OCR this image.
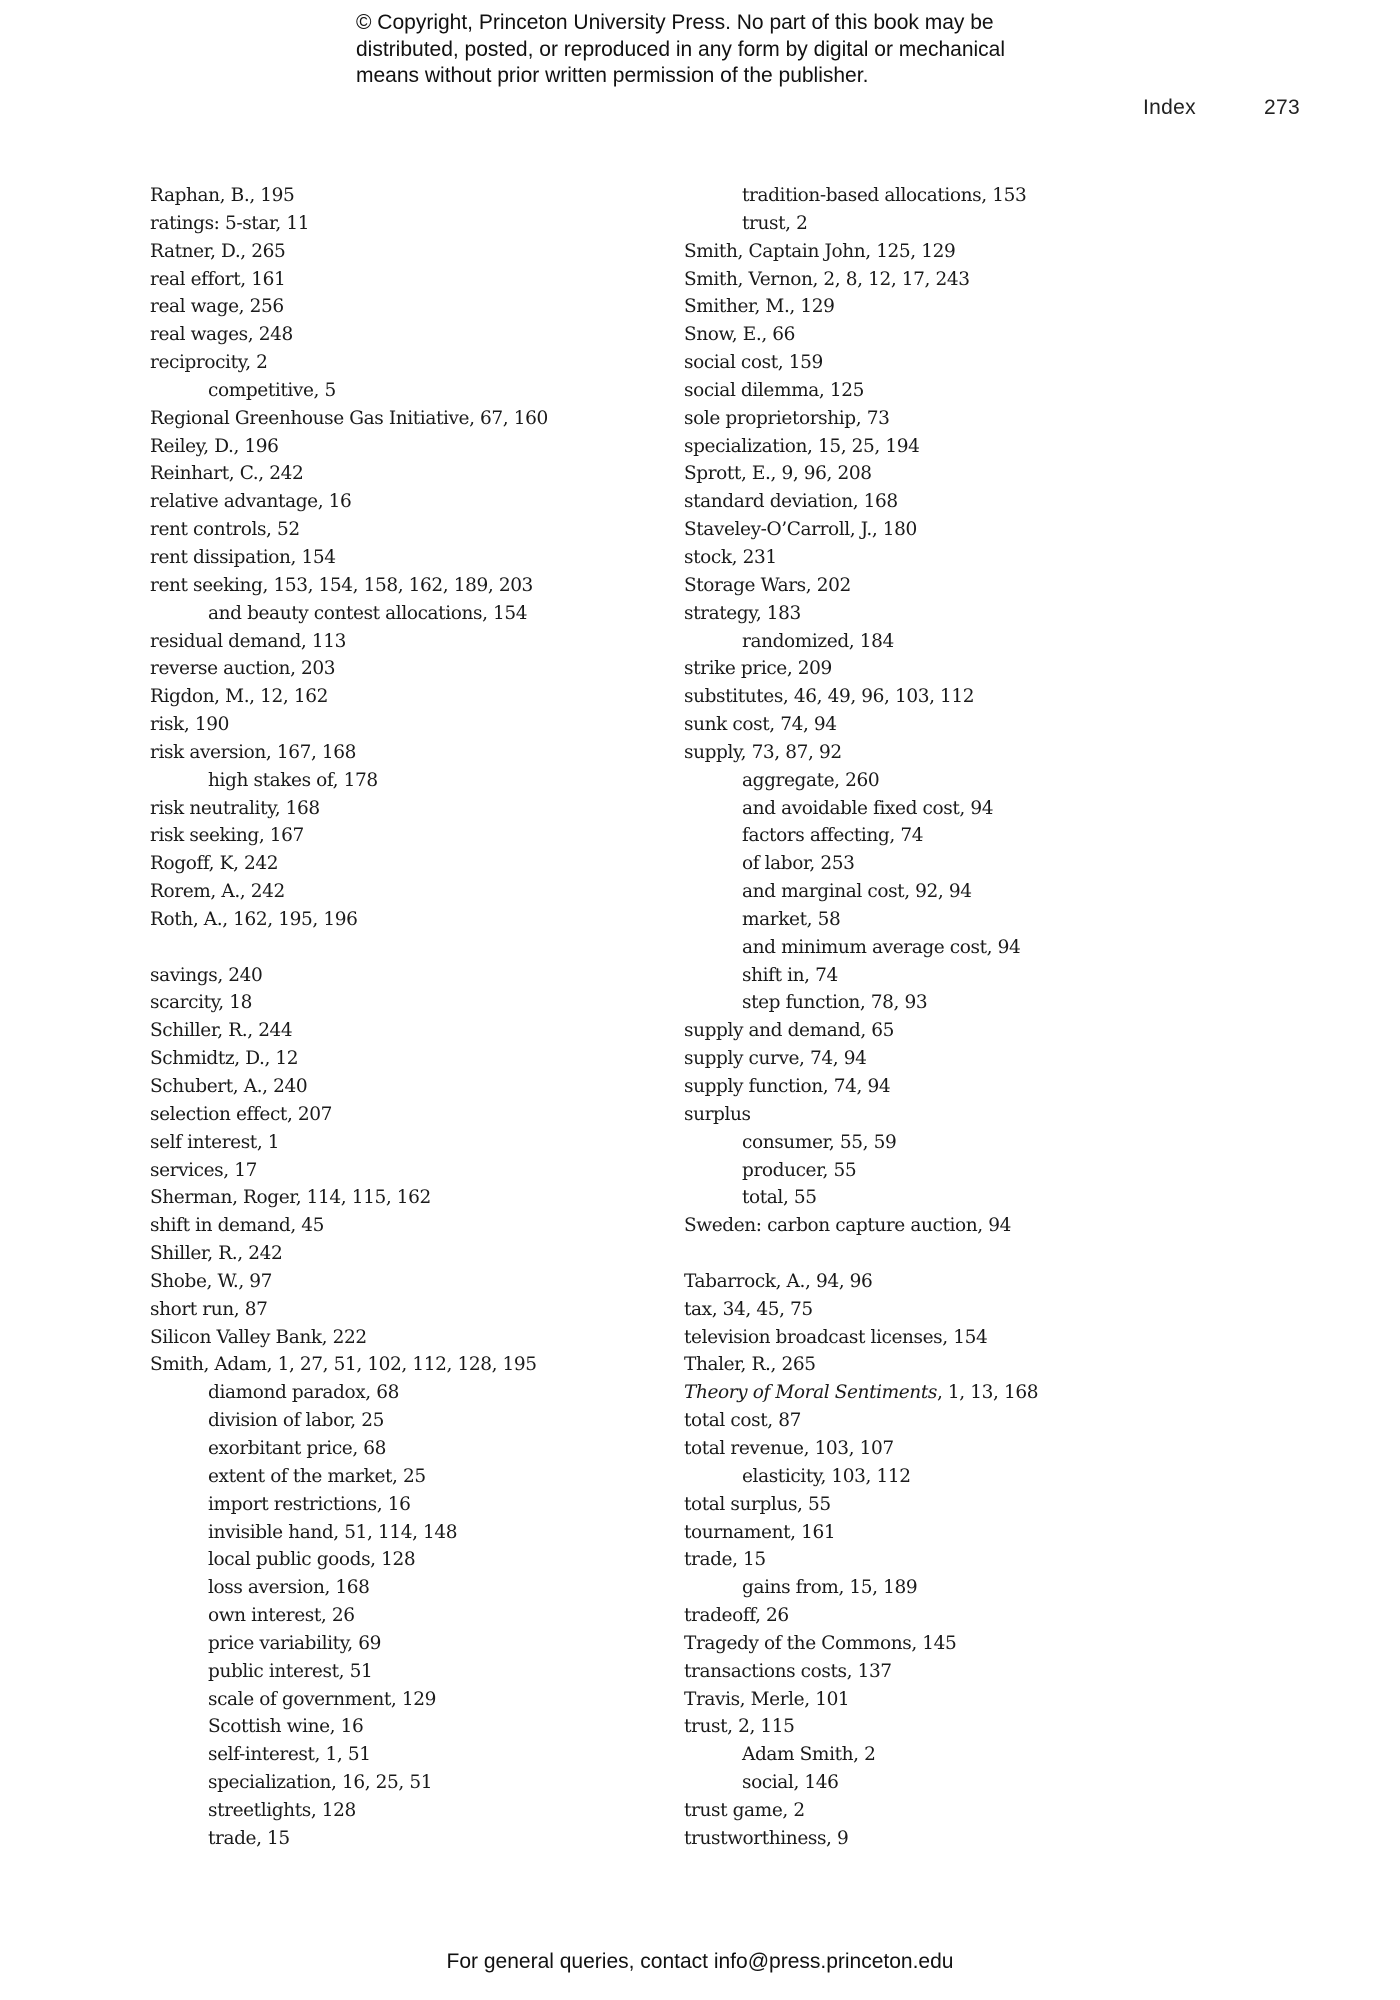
© Copyright, Princeton University Press. No part of this book may be
distributed, posted, or reproduced in any form by digital or mechanical
means without prior written permission of the publisher.
Index	273
Raphan, B., 195
ratings: 5-star, 11
Ratner, D., 265
real effort, 161
real wage, 256
real wages, 248
reciprocity, 2
competitive, 5
Regional Greenhouse Gas Initiative, 67, 160
Reiley, D., 196
Reinhart, C., 242
relative advantage, 16
rent controls, 52
rent dissipation, 154
rent seeking, 153, 154, 158, 162, 189, 203
and beauty contest allocations, 154
residual demand, 113
reverse auction, 203
Rigdon, M., 12, 162
risk, 190
risk aversion, 167, 168
high stakes of, 178
risk neutrality, 168
risk seeking, 167
Rogoff, K, 242
Rorem, A., 242
Roth, A., 162, 195, 196
savings, 240
scarcity, 18
Schiller, R., 244
Schmidtz, D., 12
Schubert, A., 240
selection effect, 207
self interest, 1
services, 17
Sherman, Roger, 114, 115, 162
shift in demand, 45
Shiller, R., 242
Shobe, W., 97
short run, 87
Silicon Valley Bank, 222
Smith, Adam, 1, 27, 51, 102, 112, 128, 195
diamond paradox, 68
division of labor, 25
exorbitant price, 68
extent of the market, 25
import restrictions, 16
invisible hand, 51, 114, 148
local public goods, 128
loss aversion, 168
own interest, 26
price variability, 69
public interest, 51
scale of government, 129
Scottish wine, 16
self-interest, 1, 51
specialization, 16, 25, 51
streetlights, 128
trade, 15
tradition-based allocations, 153
trust, 2
Smith, Captain John, 125, 129
Smith, Vernon, 2, 8, 12, 17, 243
Smither, M., 129
Snow, E., 66
social cost, 159
social dilemma, 125
sole proprietorship, 73
specialization, 15, 25, 194
Sprott, E., 9, 96, 208
standard deviation, 168
Staveley-O’Carroll, J., 180
stock, 231
Storage Wars, 202
strategy, 183
randomized, 184
strike price, 209
substitutes, 46, 49, 96, 103, 112
sunk cost, 74, 94
supply, 73, 87, 92
aggregate, 260
and avoidable fixed cost, 94
factors affecting, 74
of labor, 253
and marginal cost, 92, 94
market, 58
and minimum average cost, 94
shift in, 74
step function, 78, 93
supply and demand, 65
supply curve, 74, 94
supply function, 74, 94
surplus
consumer, 55, 59
producer, 55
total, 55
Sweden: carbon capture auction, 94
Tabarrock, A., 94, 96
tax, 34, 45, 75
television broadcast licenses, 154
Thaler, R., 265
Theory of Moral Sentiments, 1, 13, 168
total cost, 87
total revenue, 103, 107
elasticity, 103, 112
total surplus, 55
tournament, 161
trade, 15
gains from, 15, 189
tradeoff, 26
Tragedy of the Commons, 145
transactions costs, 137
Travis, Merle, 101
trust, 2, 115
Adam Smith, 2
social, 146
trust game, 2
trustworthiness, 9
For general queries, contact info@press.princeton.edu
